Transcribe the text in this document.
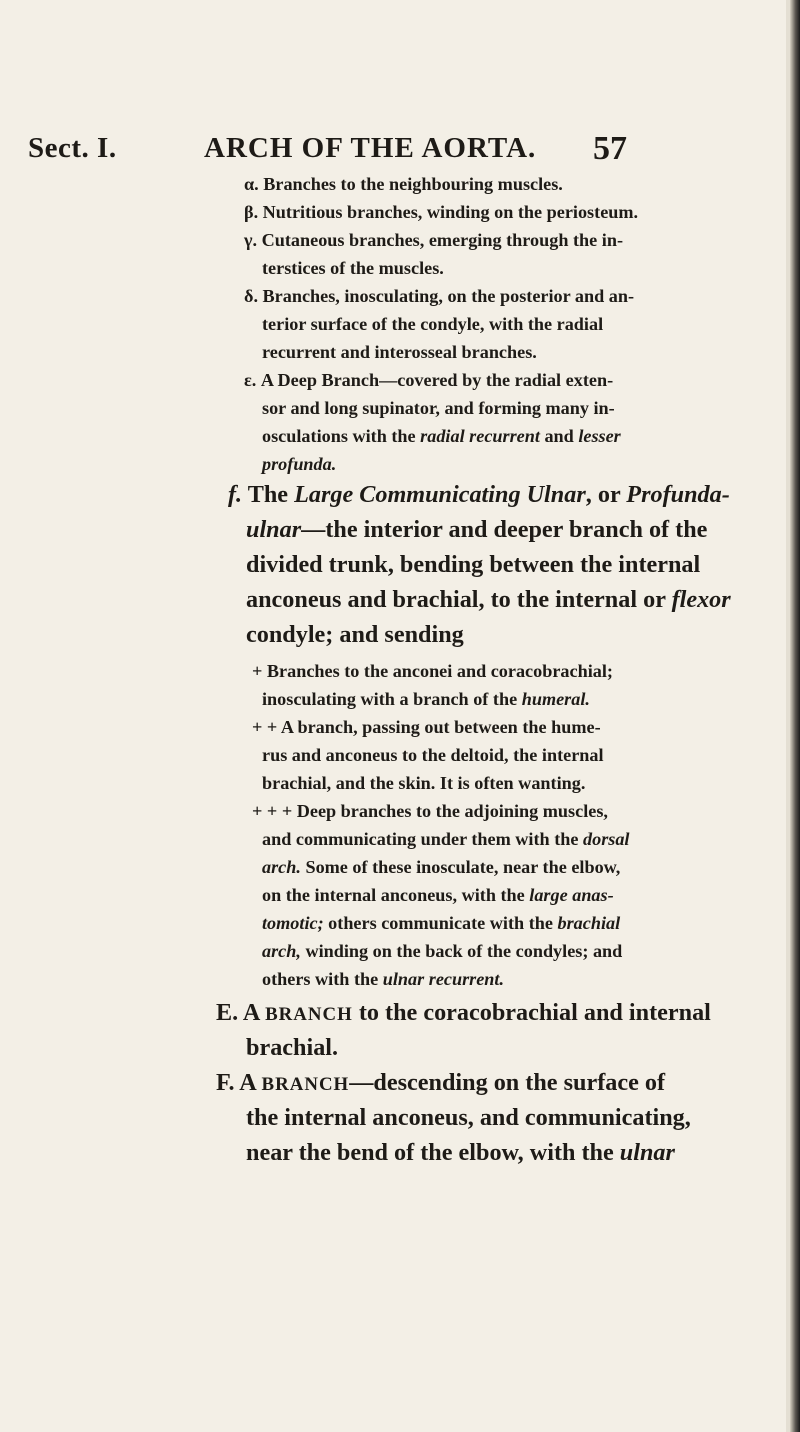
Sect. I.	ARCH OF THE AORTA. 57
α. Branches to the neighbouring muscles.
β. Nutritious branches, winding on the periosteum.
γ. Cutaneous branches, emerging through the in-
terstices of the muscles.
δ. Branches, inosculating, on the posterior and an-
terior surface of the condyle, with the radial
recurrent and interosseal branches.
ε. A Deep Branch—covered by the radial exten-
sor and long supinator, and forming many in-
osculations with the radial recurrent and lesser
profunda.
f. The Large Communicating Ulnar, or Profunda-
ulnar—the interior and deeper branch of the
divided trunk, bending between the internal
anconeus and brachial, to the internal or flexor
condyle; and sending
+ Branches to the anconei and coracobrachial;
inosculating with a branch of the humeral.
+ + A branch, passing out between the hume-
rus and anconeus to the deltoid, the internal
brachial, and the skin. It is often wanting.
+ + + Deep branches to the adjoining muscles,
and communicating under them with the dorsal
arch. Some of these inosculate, near the elbow,
on the internal anconeus, with the large anas-
tomotic; others communicate with the brachial
arch, winding on the back of the condyles; and
others with the ulnar recurrent.
E. A BRANCH to the coracobrachial and internal
brachial.
F. A BRANCH—descending on the surface of
the internal anconeus, and communicating,
near the bend of the elbow, with the ulnar
